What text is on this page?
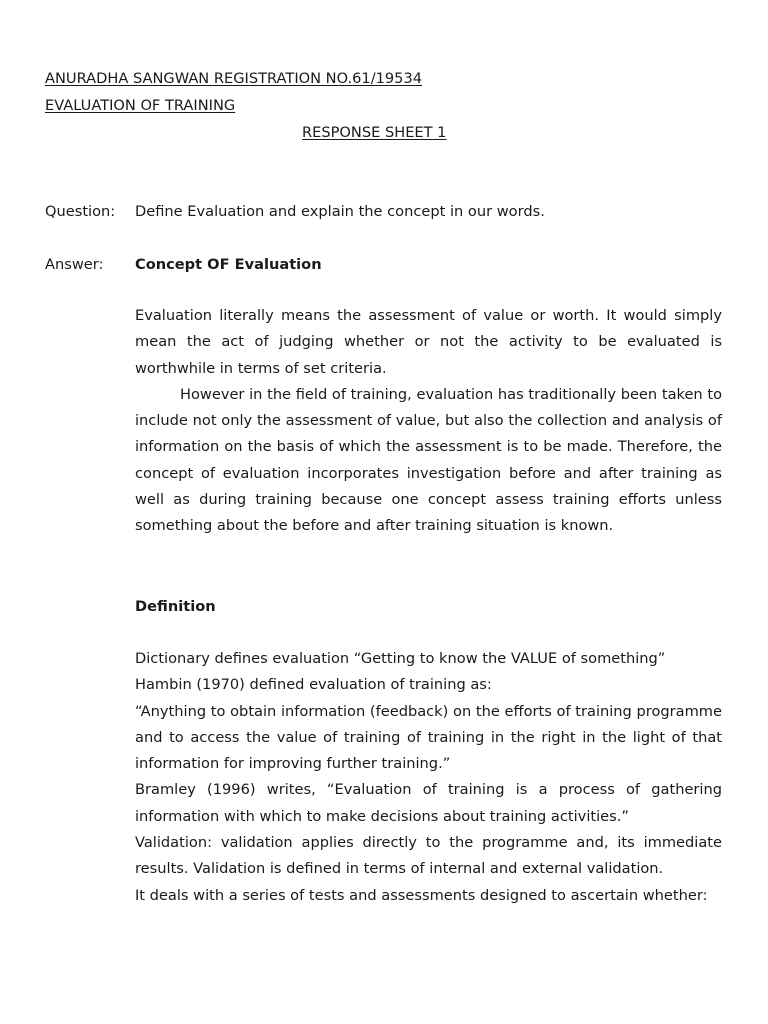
ANURADHA SANGWAN REGISTRATION NO.61/19534
EVALUATION OF TRAINING
RESPONSE SHEET 1
Question: Define Evaluation and explain the concept in our words.
Answer: Concept OF Evaluation

Evaluation literally means the assessment of value or worth. It would simply mean the act of judging whether or not the activity to be evaluated is worthwhile in terms of set criteria.

However in the field of training, evaluation has traditionally been taken to include not only the assessment of value, but also the collection and analysis of information on the basis of which the assessment is to be made. Therefore, the concept of evaluation incorporates investigation before and after training as well as during training because one concept assess training efforts unless something about the before and after training situation is known.

Definition
Dictionary defines evaluation “Getting to know the VALUE of something”
Hambin (1970) defined evaluation of training as:

“Anything to obtain information (feedback) on the efforts of training programme and to access the value of training of training in the right in the light of that information for improving further training.”

Bramley (1996) writes, “Evaluation of training is a process of gathering information with which to make decisions about training activities.”

Validation: validation applies directly to the programme and, its immediate results. Validation is defined in terms of internal and external validation.

It deals with a series of tests and assessments designed to ascertain whether:
